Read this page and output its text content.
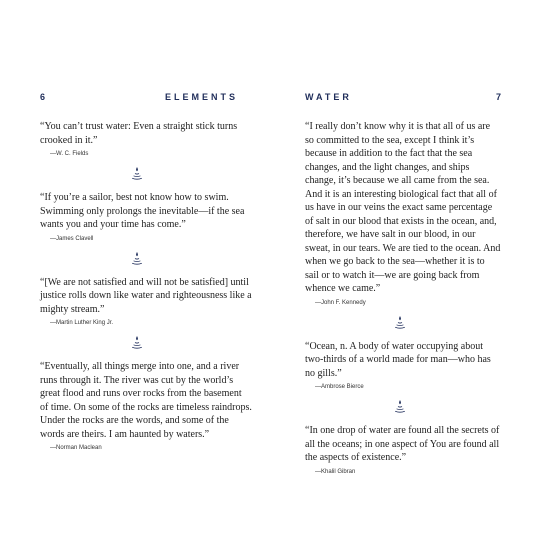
6	ELEMENTS

“You can’t trust water: Even a straight stick turns crooked in it.”

—W. C. Fields

“If you’re a sailor, best not know how to swim. Swimming only prolongs the inevitable—if the sea wants you and your time has come.”

—James Clavell

“[We are not satisfied and will not be satisfied] until justice rolls down like water and righteousness like a mighty stream.”

—Martin Luther King Jr.

“Eventually, all things merge into one, and a river runs through it. The river was cut by the world’s great flood and runs over rocks from the basement of time. On some of the rocks are timeless raindrops. Under the rocks are the words, and some of the words are theirs. I am haunted by waters.”

—Norman Maclean
WATER	7

“I really don’t know why it is that all of us are so committed to the sea, except I think it’s because in addition to the fact that the sea changes, and the light changes, and ships change, it’s because we all came from the sea. And it is an interesting biological fact that all of us have in our veins the exact same percentage of salt in our blood that exists in the ocean, and, therefore, we have salt in our blood, in our sweat, in our tears. We are tied to the ocean. And when we go back to the sea—whether it is to sail or to watch it—we are going back from whence we came.”

—John F. Kennedy

“Ocean, n. A body of water occupying about two-thirds of a world made for man—who has no gills.”

—Ambrose Bierce

“In one drop of water are found all the secrets of all the oceans; in one aspect of You are found all the aspects of existence.”

—Khalil Gibran
